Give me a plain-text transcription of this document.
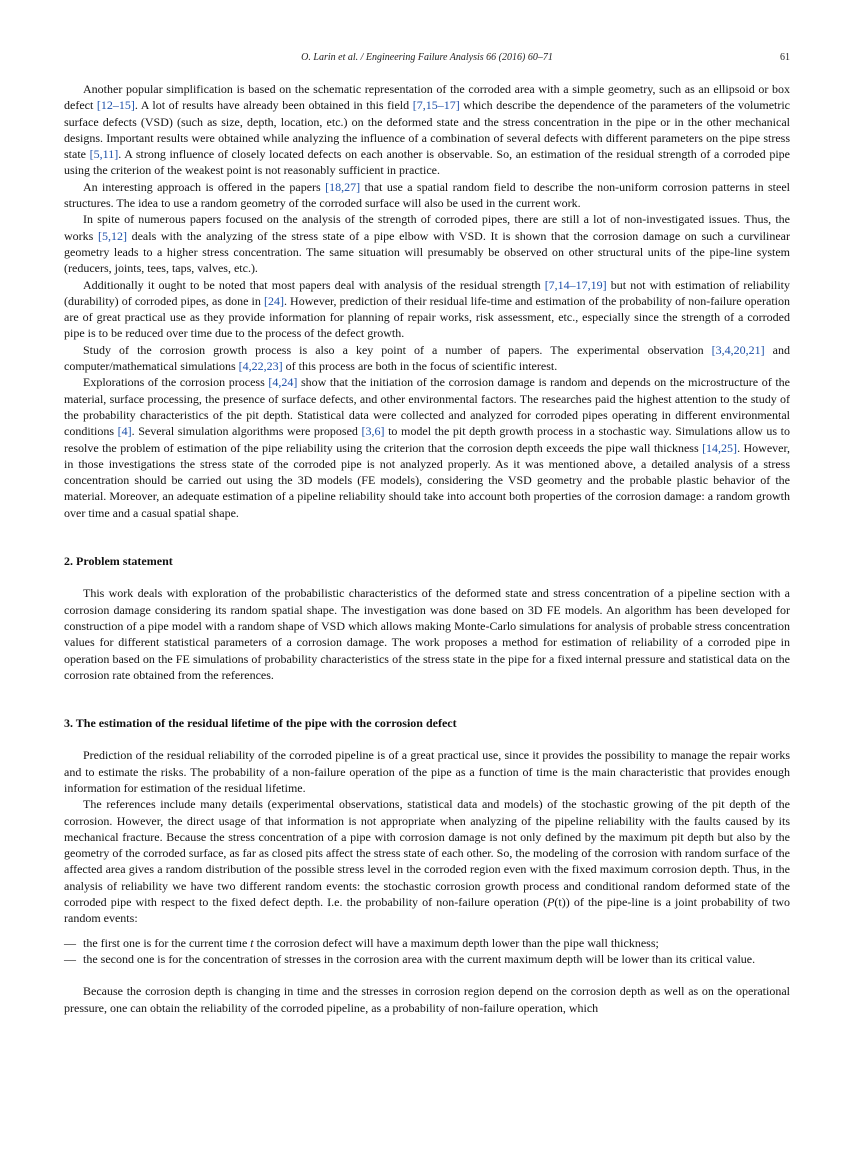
O. Larin et al. / Engineering Failure Analysis 66 (2016) 60–71	61

Another popular simplification is based on the schematic representation of the corroded area with a simple geometry, such as an ellipsoid or box defect [12–15]. A lot of results have already been obtained in this field [7,15–17] which describe the dependence of the parameters of the volumetric surface defects (VSD) (such as size, depth, location, etc.) on the deformed state and the stress concentration in the pipe or in the other mechanical designs. Important results were obtained while analyzing the influence of a combination of several defects with different parameters on the pipe stress state [5,11]. A strong influence of closely located defects on each another is observable. So, an estimation of the residual strength of a corroded pipe using the criterion of the weakest point is not reasonably sufficient in practice.

An interesting approach is offered in the papers [18,27] that use a spatial random field to describe the non-uniform corrosion patterns in steel structures. The idea to use a random geometry of the corroded surface will also be used in the current work.

In spite of numerous papers focused on the analysis of the strength of corroded pipes, there are still a lot of non-investigated issues. Thus, the works [5,12] deals with the analyzing of the stress state of a pipe elbow with VSD. It is shown that the corrosion damage on such a curvilinear geometry leads to a higher stress concentration. The same situation will presumably be observed on other structural units of the pipe-line system (reducers, joints, tees, taps, valves, etc.).

Additionally it ought to be noted that most papers deal with analysis of the residual strength [7,14–17,19] but not with estimation of reliability (durability) of corroded pipes, as done in [24]. However, prediction of their residual life-time and estimation of the probability of non-failure operation are of great practical use as they provide information for planning of repair works, risk assessment, etc., especially since the strength of a corroded pipe is to be reduced over time due to the process of the defect growth.

Study of the corrosion growth process is also a key point of a number of papers. The experimental observation [3,4,20,21] and computer/mathematical simulations [4,22,23] of this process are both in the focus of scientific interest.

Explorations of the corrosion process [4,24] show that the initiation of the corrosion damage is random and depends on the microstructure of the material, surface processing, the presence of surface defects, and other environmental factors. The researches paid the highest attention to the study of the probability characteristics of the pit depth. Statistical data were collected and analyzed for corroded pipes operating in different environmental conditions [4]. Several simulation algorithms were proposed [3,6] to model the pit depth growth process in a stochastic way. Simulations allow us to resolve the problem of estimation of the pipe reliability using the criterion that the corrosion depth exceeds the pipe wall thickness [14,25]. However, in those investigations the stress state of the corroded pipe is not analyzed properly. As it was mentioned above, a detailed analysis of a stress concentration should be carried out using the 3D models (FE models), considering the VSD geometry and the probable plastic behavior of the material. Moreover, an adequate estimation of a pipeline reliability should take into account both properties of the corrosion damage: a random growth over time and a casual spatial shape.

2. Problem statement

This work deals with exploration of the probabilistic characteristics of the deformed state and stress concentration of a pipeline section with a corrosion damage considering its random spatial shape. The investigation was done based on 3D FE models. An algorithm has been developed for construction of a pipe model with a random shape of VSD which allows making Monte-Carlo simulations for analysis of probable stress concentration values for different statistical parameters of a corrosion damage. The work proposes a method for estimation of reliability of a corroded pipe in operation based on the FE simulations of probability characteristics of the stress state in the pipe for a fixed internal pressure and statistical data on the corrosion rate obtained from the references.

3. The estimation of the residual lifetime of the pipe with the corrosion defect

Prediction of the residual reliability of the corroded pipeline is of a great practical use, since it provides the possibility to manage the repair works and to estimate the risks. The probability of a non-failure operation of the pipe as a function of time is the main characteristic that provides enough information for estimation of the residual lifetime.

The references include many details (experimental observations, statistical data and models) of the stochastic growing of the pit depth of the corrosion. However, the direct usage of that information is not appropriate when analyzing of the pipeline reliability with the faults caused by its mechanical fracture. Because the stress concentration of a pipe with corrosion damage is not only defined by the maximum pit depth but also by the geometry of the corroded surface, as far as closed pits affect the stress state of each other. So, the modeling of the corrosion with random surface of the affected area gives a random distribution of the possible stress level in the corroded region even with the fixed maximum corrosion depth. Thus, in the analysis of reliability we have two different random events: the stochastic corrosion growth process and conditional random deformed state of the corroded pipe with respect to the fixed defect depth. I.e. the probability of non-failure operation (P(t)) of the pipe-line is a joint probability of two random events:

— the first one is for the current time t the corrosion defect will have a maximum depth lower than the pipe wall thickness;
— the second one is for the concentration of stresses in the corrosion area with the current maximum depth will be lower than its critical value.

Because the corrosion depth is changing in time and the stresses in corrosion region depend on the corrosion depth as well as on the operational pressure, one can obtain the reliability of the corroded pipeline, as a probability of non-failure operation, which
